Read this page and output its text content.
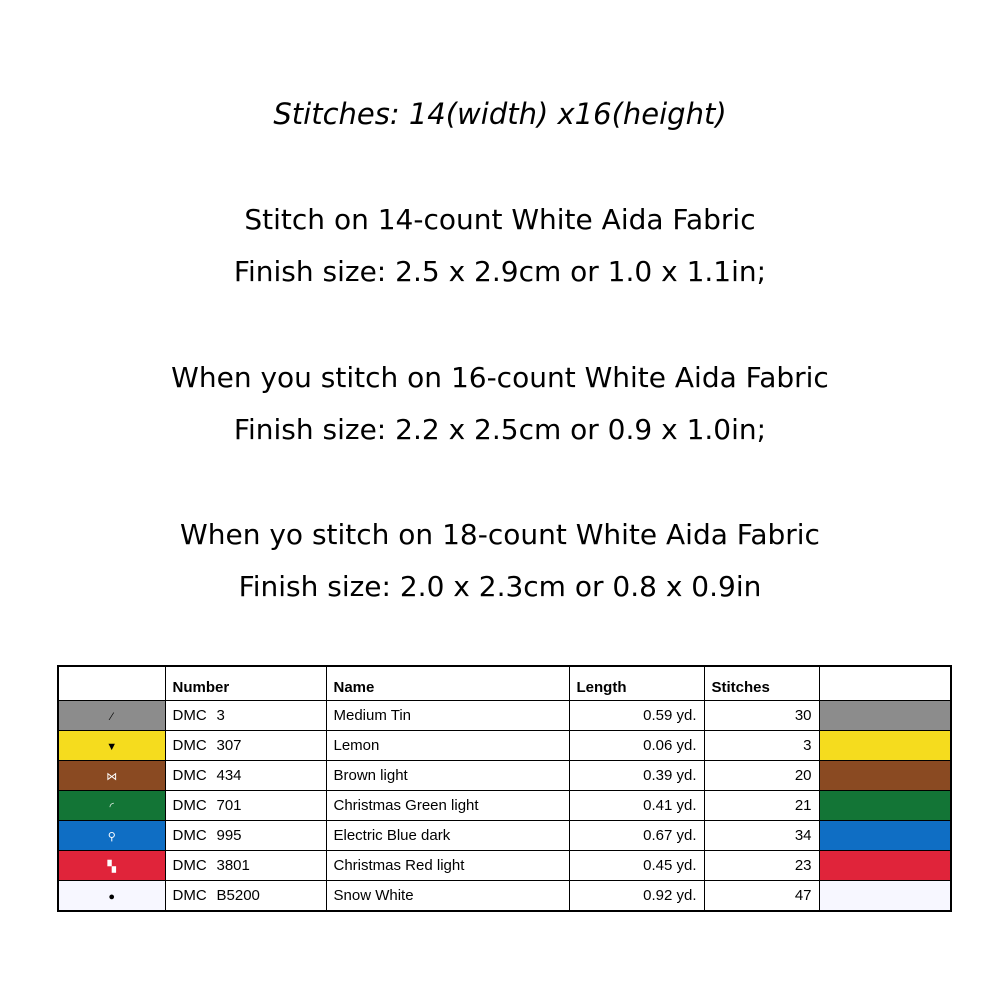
Stitches: 14(width) x16(height)
Stitch on 14-count White Aida Fabric
Finish size: 2.5 x 2.9cm or 1.0 x 1.1in;
When you stitch on 16-count White Aida Fabric
Finish size: 2.2 x 2.5cm or 0.9 x 1.0in;
When yo stitch on 18-count White Aida Fabric
Finish size: 2.0 x 2.3cm or 0.8 x 0.9in
	Number	Name	Length	Stitches	
⁄	DMC 3	Medium Tin	0.59 yd.	30	
▼	DMC 307	Lemon	0.06 yd.	3	
⋈	DMC 434	Brown light	0.39 yd.	20	
◜	DMC 701	Christmas Green light	0.41 yd.	21	
⚲	DMC 995	Electric Blue dark	0.67 yd.	34	
▚	DMC 3801	Christmas Red light	0.45 yd.	23	
●	DMC B5200	Snow White	0.92 yd.	47	
